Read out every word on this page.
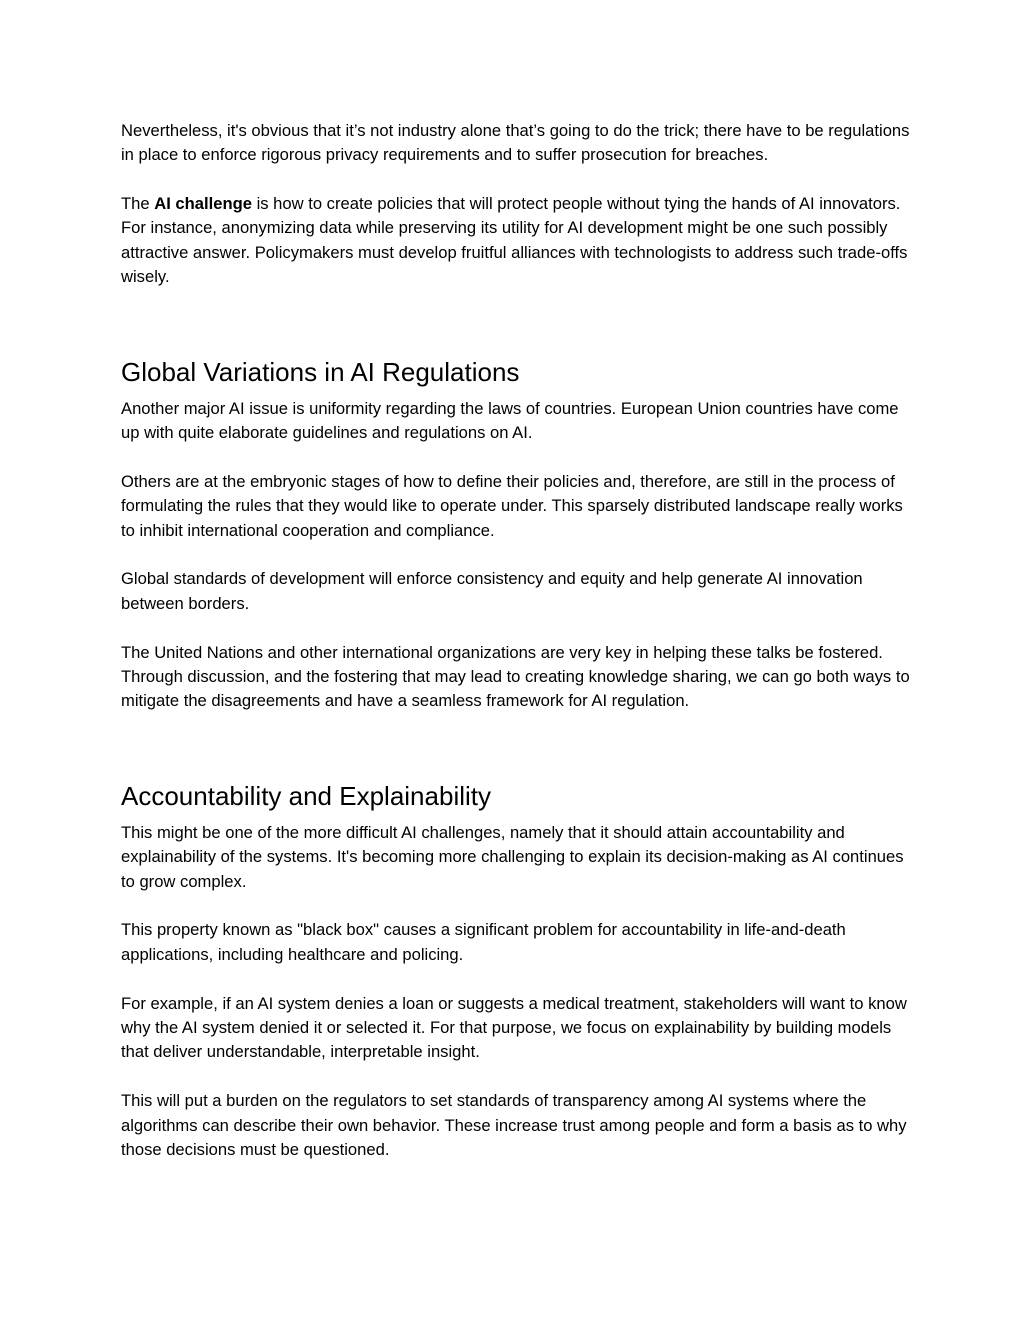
Nevertheless, it's obvious that it’s not industry alone that’s going to do the trick; there have to be regulations in place to enforce rigorous privacy requirements and to suffer prosecution for breaches.

The AI challenge is how to create policies that will protect people without tying the hands of AI innovators. For instance, anonymizing data while preserving its utility for AI development might be one such possibly attractive answer. Policymakers must develop fruitful alliances with technologists to address such trade-offs wisely.

Global Variations in AI Regulations

Another major AI issue is uniformity regarding the laws of countries. European Union countries have come up with quite elaborate guidelines and regulations on AI.

Others are at the embryonic stages of how to define their policies and, therefore, are still in the process of formulating the rules that they would like to operate under. This sparsely distributed landscape really works to inhibit international cooperation and compliance.

Global standards of development will enforce consistency and equity and help generate AI innovation between borders.

The United Nations and other international organizations are very key in helping these talks be fostered. Through discussion, and the fostering that may lead to creating knowledge sharing, we can go both ways to mitigate the disagreements and have a seamless framework for AI regulation.

Accountability and Explainability

This might be one of the more difficult AI challenges, namely that it should attain accountability and explainability of the systems. It's becoming more challenging to explain its decision-making as AI continues to grow complex.

This property known as "black box" causes a significant problem for accountability in life-and-death applications, including healthcare and policing.

For example, if an AI system denies a loan or suggests a medical treatment, stakeholders will want to know why the AI system denied it or selected it. For that purpose, we focus on explainability by building models that deliver understandable, interpretable insight.

This will put a burden on the regulators to set standards of transparency among AI systems where the algorithms can describe their own behavior. These increase trust among people and form a basis as to why those decisions must be questioned.
